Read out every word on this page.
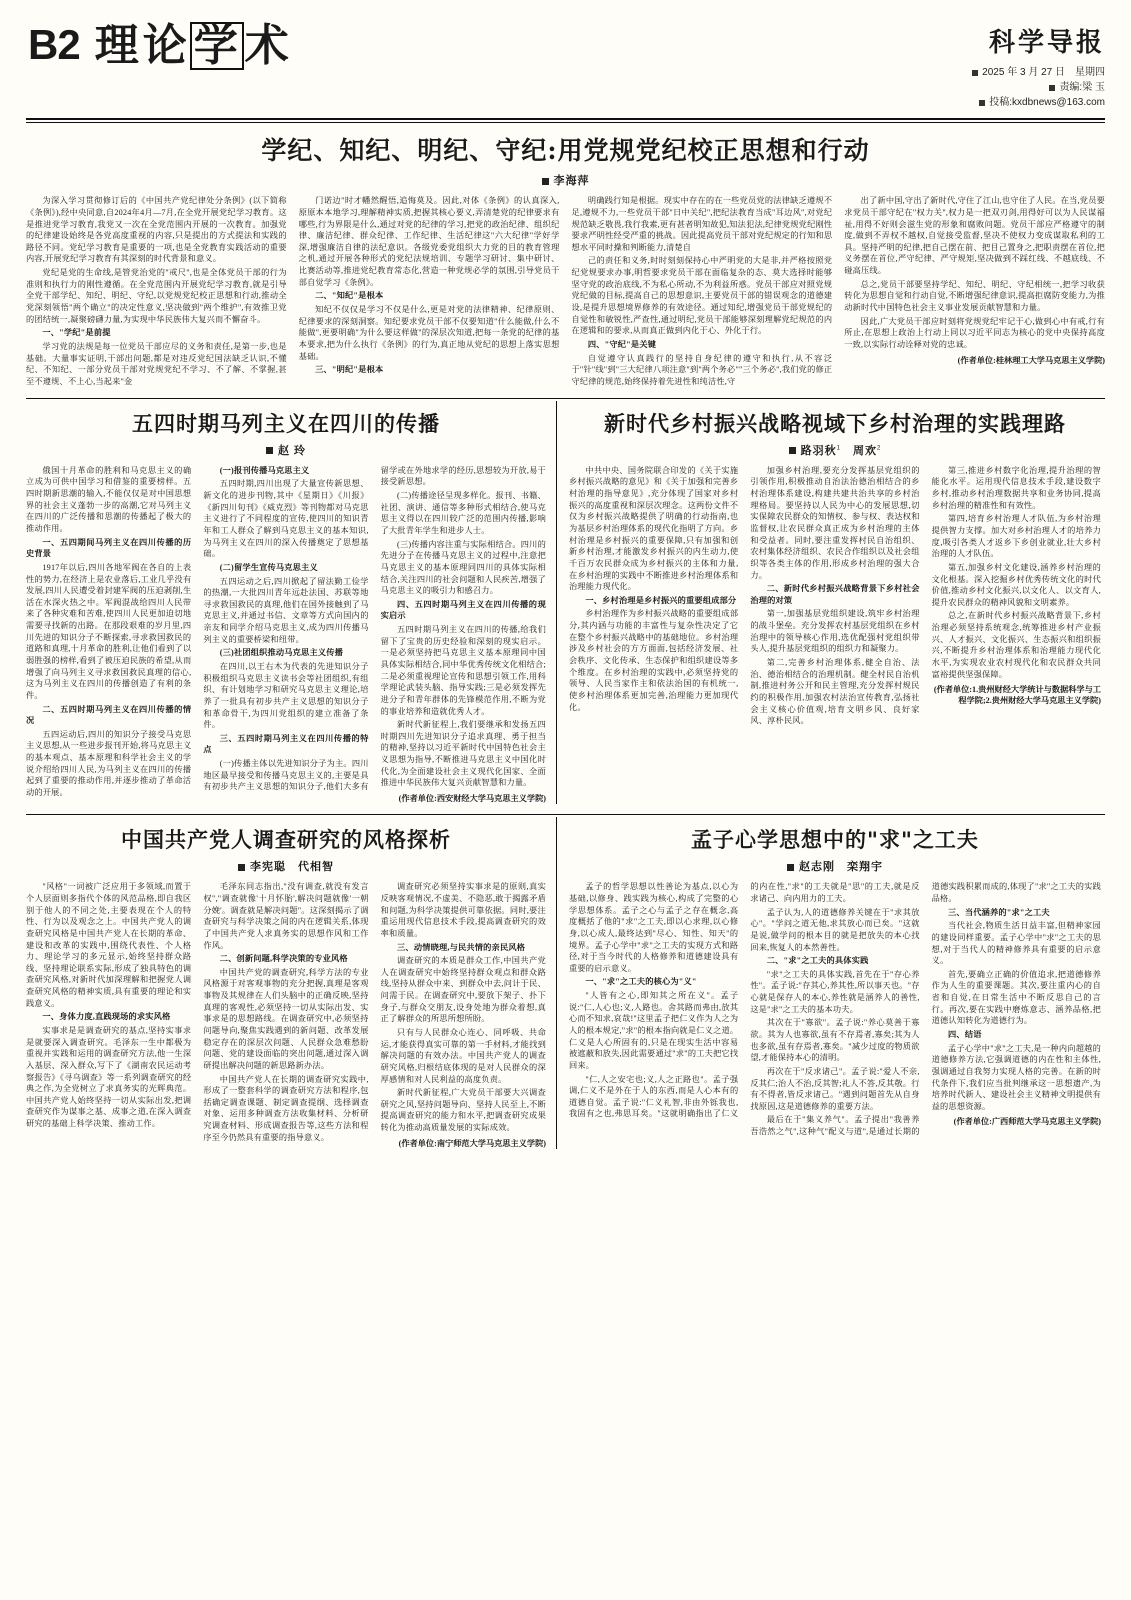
B2 理 论 学 术	科学导报
2025 年 3 月 27 日　星期四
责编:梁 玉
投稿:kxdbnews@163.com
学纪、知纪、明纪、守纪:用党规党纪校正思想和行动
李海萍

为深入学习贯彻修订后的《中国共产党纪律处分条例》(以下简称《条例》),经中央同意,自2024年4月—7月,在全党开展党纪学习教育。这是推进党学习教育,我党又一次在全党范围内开展的一次教育。加强党的纪律建设始终是各党高度重视的内容,只是提出的方式提法和实践的路径不同。党纪学习教育是重要的一项,也是全党教育实践活动的重要内容,开展党纪学习教育有其深刻的时代背景和意义。

党纪是党的生命线,是管党治党的"戒尺",也是全体党员干部的行为准则和执行力的刚性遵循。在全党范围内开展党纪学习教育,就是引导全党干部学纪、知纪、明纪、守纪,以党规党纪校正思想和行动,推动全党深刻领悟"两个确立"的决定性意义,坚决做到"两个维护",有效推卫党的团结统一,凝聚磅礴力量,为实现中华民族伟大复兴而不懈奋斗。

一、"学纪"是前提

学习党的法规是每一位党员干部应尽的义务和责任,是第一步,也是基础。大量事实证明,干部出问题,都是对违反党纪国法缺乏认识,不懂纪、不知纪、一部分党员干部对党规党纪不学习、不了解、不掌握,甚至不遵规、不上心,当起来"金

门诺边"时才幡然醒悟,追悔莫及。因此,对体《条例》的认真深入,原原本本地学习,理解精神实质,把握其核心要义,弄清楚党的纪律要求有哪些,行为界限是什么,通过对党的纪律的学习,把党的政治纪律、组织纪律、廉洁纪律、群众纪律、工作纪律、生活纪律这"六大纪律"学好学深,增强廉洁自律的法纪意识。各级党委党组织大力党的目的教育管理之机,通过开展各种形式的党纪法规培训、专题学习研讨、集中研讨、比赛活动等,推进党纪教育常态化,营造一种党规必学的氛围,引导党员干部自觉学习《条例》。

二、"知纪"是根本

知纪不仅仅是学习不仅是什么,更是对党的法律精神、纪律原则、纪律要求的深刻洞察。知纪要求党员干部不仅要知道"什么能做,什么不能做",更要明确"为什么要这样做"的深层次知道,把每一条党的纪律的基本要求,把为什么执行《条例》的行为,真正地从党纪的思想上落实思想基础。

三、"明纪"是根本

明确践行知是根据。现实中存在的在一些党员党的法律缺乏遵规不足,遵规不力,一些党员干部"日中关纪",把纪法教育当成"耳边风",对党纪规范缺乏敬畏,我行我素,更有甚者明知故犯,知法犯法,纪律党规党纪刚性要求严明性经受严重的挑战。因此提高党员干部对党纪规定的行知和思想水平同时操和判断能力,清楚自

己的责任和义务,时时刻刻保持心中严明党的大是非,并严格按照党纪党规要求办事,明哲要求党员干部在面临复杂的态、莫大选择时能够坚守党的政治底线,不为私心所动,不为利益所惑。党员干部应对照党规党纪做的目标,提高自己的思想意识,主要党员干部的错误观念的道德建设,是提升思想境界修养的有效途径。通过知纪,增强党员干部党规纪的自觉性和敏锐性,严查性,通过明纪,党员干部能够深刻理解党纪规范的内在逻辑和的要求,从而真正做到内化于心、外化于行。

四、"守纪"是关键

自觉遵守认真践行的坚持自身纪律的遵守和执行,从不容泛于"针"线"到"三大纪律八项注意"到"两个务必""三个务必",我们党的修正守纪律的规范,始终保持着先进性和纯洁性,守

出了新中国,守出了新时代,守住了江山,也守住了人民。在当,党员要求党员干部守纪在"权力关",权力是一把双刃剑,用得好可以为人民谋福祉,用得不好则会滋生党的形象和腐败问题。党员干部应严格遵守的制度,做到不弄权不越权,自觉接受监督,坚决不使权力变成谋取私利的工具。坚持严明的纪律,把自己摆在前、把目己置身之,把职责摆在首位,把义务摆在首位,严守纪律、严守规矩,坚决做到不踩红线、不越底线、不碰高压线。

总之,党员干部要坚持学纪、知纪、明纪、守纪相统一,把学习收获转化为思想自觉和行动自觉,不断增强纪律意识,提高拒腐防变能力,为推动新时代中国特色社会主义事业发展贡献智慧和力量。

因此,广大党员干部应时刻将党规党纪牢记于心,做到心中有戒,行有所止,在思想上政治上行动上同以习近平同志为核心的党中央保持高度一致,以实际行动诠释对党的忠诚。

(作者单位:桂林理工大学马克思主义学院)
五四时期马列主义在四川的传播
赵 玲

俄国十月革命的胜利和马克思主义的确立成为可供中国学习和借鉴的重要榜样。五四时期新思潮的输入,不能仅仅是对中国思想界的社会主义蓬勃一步的高潮,它对马列主义在四川的广泛传播和思潮的传播起了极大的推动作用。

一、五四期间马列主义在四川传播的历史背景

1917年以后,四川各地军阀在各自的上表性的势力,在经济上是农业落后,工业几乎没有发展,四川人民遭受着封建军阀的压迫剥削,生活在水深火热之中。军阀混战给四川人民带来了各种灾难和苦难,使四川人民更加迫切地需要寻找新的出路。在那段艰难的岁月里,四川先进的知识分子不断探索,寻求救国救民的道路和真理,十月革命的胜利,让他们看到了以弱胜强的榜样,看到了被压迫民族的希望,从而增强了向马列主义寻求救国救民真理的信心,这为马列主义在四川的传播创造了有利的条件。

二、五四时期马列主义在四川传播的情况

五四运动后,四川的知识分子接受马克思主义思想,从一些进步报刊开始,将马克思主义的基本观点、基本原理和科学社会主义的学说介绍给四川人民,为马列主义在四川的传播起到了重要的推动作用,并逐步推动了革命活动的开展。

(一)报刊传播马克思主义

五四时期,四川出现了大量宣传新思想、新文化的进步刊物,其中《星期日》《川报》《新四川旬刊》《威克烈》等刊物都对马克思主义进行了不同程度的宣传,使四川的知识青年和工人群众了解到马克思主义的基本知识,为马列主义在四川的深入传播奠定了思想基础。

(二)留学生宣传马克思主义

五四运动之后,四川掀起了留法勤工俭学的热潮,一大批四川青年远赴法国、苏联等地寻求救国救民的真理,他们在国外接触到了马克思主义,并通过书信、文章等方式向国内的亲友和同学介绍马克思主义,成为四川传播马列主义的重要桥梁和纽带。

(三)社团组织推动马克思主义传播

在四川,以王右木为代表的先进知识分子积极组织马克思主义读书会等社团组织,有组织、有计划地学习和研究马克思主义理论,培养了一批具有初步共产主义思想的知识分子和革命骨干,为四川党组织的建立准备了条件。

三、五四时期马列主义在四川传播的特点

(一)传播主体以先进知识分子为主。四川地区最早接受和传播马克思主义的,主要是具有初步共产主义思想的知识分子,他们大多有留学或在外地求学的经历,思想较为开放,易于接受新思想。

(二)传播途径呈现多样化。报刊、书籍、社团、演讲、通信等多种形式相结合,使马克思主义得以在四川较广泛的范围内传播,影响了大批青年学生和进步人士。

(三)传播内容注重与实际相结合。四川的先进分子在传播马克思主义的过程中,注意把马克思主义的基本原理同四川的具体实际相结合,关注四川的社会问题和人民疾苦,增强了马克思主义的吸引力和感召力。

四、五四时期马列主义在四川传播的现实启示

五四时期马列主义在四川的传播,给我们留下了宝贵的历史经验和深刻的现实启示。一是必须坚持把马克思主义基本原理同中国具体实际相结合,同中华优秀传统文化相结合;二是必须重视理论宣传和思想引领工作,用科学理论武装头脑、指导实践;三是必须发挥先进分子和青年群体的先锋模范作用,不断为党的事业培养和造就优秀人才。

新时代新征程上,我们要继承和发扬五四时期四川先进知识分子追求真理、勇于担当的精神,坚持以习近平新时代中国特色社会主义思想为指导,不断推进马克思主义中国化时代化,为全面建设社会主义现代化国家、全面推进中华民族伟大复兴贡献智慧和力量。

(作者单位:西安财经大学马克思主义学院)
新时代乡村振兴战略视域下乡村治理的实践理路
路羽秋$^1$　 周欢$^2$

中共中央、国务院联合印发的《关于实施乡村振兴战略的意见》和《关于加强和完善乡村治理的指导意见》,充分体现了国家对乡村振兴的高度重视和深层次理念。这两份文件不仅为乡村振兴战略提供了明确的行动指南,也为基层乡村治理体系的现代化指明了方向。乡村治理是乡村振兴的重要保障,只有加强和创新乡村治理,才能激发乡村振兴的内生动力,使千百万农民群众成为乡村振兴的主体和力量,在乡村治理的实践中不断推进乡村治理体系和治理能力现代化。

一、乡村治理是乡村振兴的重要组成部分

乡村治理作为乡村振兴战略的重要组成部分,其内涵与功能的丰富性与复杂性决定了它在整个乡村振兴战略中的基础地位。乡村治理涉及乡村社会的方方面面,包括经济发展、社会秩序、文化传承、生态保护和组织建设等多个维度。在乡村治理的实践中,必须坚持党的领导、人民当家作主和依法治国的有机统一,使乡村治理体系更加完善,治理能力更加现代化。

加强乡村治理,要充分发挥基层党组织的引领作用,积极推动自治法治德治相结合的乡村治理体系建设,构建共建共治共享的乡村治理格局。要坚持以人民为中心的发展思想,切实保障农民群众的知情权、参与权、表达权和监督权,让农民群众真正成为乡村治理的主体和受益者。同时,要注重发挥村民自治组织、农村集体经济组织、农民合作组织以及社会组织等各类主体的作用,形成乡村治理的强大合力。

二、新时代乡村振兴战略背景下乡村社会治理的对策

第一,加强基层党组织建设,筑牢乡村治理的战斗堡垒。充分发挥农村基层党组织在乡村治理中的领导核心作用,选优配强村党组织带头人,提升基层党组织的组织力和凝聚力。

第二,完善乡村治理体系,健全自治、法治、德治相结合的治理机制。健全村民自治机制,推进村务公开和民主管理,充分发挥村规民约的积极作用,加强农村法治宣传教育,弘扬社会主义核心价值观,培育文明乡风、良好家风、淳朴民风。

第三,推进乡村数字化治理,提升治理的智能化水平。运用现代信息技术手段,建设数字乡村,推动乡村治理数据共享和业务协同,提高乡村治理的精准性和有效性。

第四,培育乡村治理人才队伍,为乡村治理提供智力支撑。加大对乡村治理人才的培养力度,吸引各类人才返乡下乡创业就业,壮大乡村治理的人才队伍。

第五,加强乡村文化建设,涵养乡村治理的文化根基。深入挖掘乡村优秀传统文化的时代价值,推动乡村文化振兴,以文化人、以文育人,提升农民群众的精神风貌和文明素养。

总之,在新时代乡村振兴战略背景下,乡村治理必须坚持系统观念,统筹推进乡村产业振兴、人才振兴、文化振兴、生态振兴和组织振兴,不断提升乡村治理体系和治理能力现代化水平,为实现农业农村现代化和农民群众共同富裕提供坚强保障。

(作者单位:1.贵州财经大学统计与数据科学与工程学院;2.贵州财经大学马克思主义学院)
中国共产党人调查研究的风格探析
李宪聪　代相智

"风格"一词被广泛应用于多领域,而置于个人层面则多指代个体的风范品格,即自我区别于他人的不同之处,主要表现在个人的特性、行为以及观念之上。中国共产党人的调查研究风格是中国共产党人在长期的革命、建设和改革的实践中,围绕代表性、个人格力、理论学习的多元显示,始终坚持群众路线、坚持理论联系实际,形成了独具特色的调查研究风格,对新时代加深理解和把握党人调查研究风格的精神实质,具有重要的理论和实践意义。

一、身体力度,直践现场的求实风格

实事求是是调查研究的基点,坚持实事求是就要深入调查研究。毛泽东一生中都极为重视并实践和运用的调查研究方法,他一生深入基层、深入群众,写下了《湖南农民运动考察报告》《寻乌调查》等一系列调查研究的经典之作,为全党树立了求真务实的光辉典范。中国共产党人始终坚持一切从实际出发,把调查研究作为谋事之基、成事之道,在深入调查研究的基础上科学决策、推动工作。

毛泽东同志指出,"没有调查,就没有发言权","调查就像'十月怀胎',解决问题就像'一朝分娩'。调查就是解决问题"。这深刻揭示了调查研究与科学决策之间的内在逻辑关系,体现了中国共产党人求真务实的思想作风和工作作风。

二、创新问题,科学决策的专业风格

中国共产党的调查研究,科学方法的专业风格源于对客观事物的充分把握,真理是客观事物及其规律在人们头脑中的正确反映,坚持真理的客观性,必须坚持一切从实际出发、实事求是的思想路线。在调查研究中,必须坚持问题导向,聚焦实践遇到的新问题、改革发展稳定存在的深层次问题、人民群众急难愁盼问题、党的建设面临的突出问题,通过深入调研提出解决问题的新思路新办法。

中国共产党人在长期的调查研究实践中,形成了一整套科学的调查研究方法和程序,包括确定调查课题、制定调查提纲、选择调查对象、运用多种调查方法收集材料、分析研究调查材料、形成调查报告等,这些方法和程序至今仍然具有重要的指导意义。

调查研究必须坚持实事求是的原则,真实反映客观情况,不虚美、不隐恶,敢于揭露矛盾和问题,为科学决策提供可靠依据。同时,要注重运用现代信息技术手段,提高调查研究的效率和质量。

三、动情晓理,与民共情的亲民风格

调查研究的本质是群众工作,中国共产党人在调查研究中始终坚持群众观点和群众路线,坚持从群众中来、到群众中去,问计于民、问需于民。在调查研究中,要放下架子、扑下身子,与群众交朋友,设身处地为群众着想,真正了解群众的所思所想所盼。

只有与人民群众心连心、同呼吸、共命运,才能获得真实可靠的第一手材料,才能找到解决问题的有效办法。中国共产党人的调查研究风格,归根结底体现的是对人民群众的深厚感情和对人民利益的高度负责。

新时代新征程,广大党员干部要大兴调查研究之风,坚持问题导向、坚持人民至上,不断提高调查研究的能力和水平,把调查研究成果转化为推动高质量发展的实际成效。

(作者单位:南宁师范大学马克思主义学院)
孟子心学思想中的"求"之工夫
赵志刚　栾翔宇

孟子的哲学思想以性善论为基点,以心为基础,以修身、践实践为核心,构成了完整的心学思想体系。孟子之心与孟子之存在概念,高度概括了他的"求"之工夫,即以心求理,以心修身,以心成人,最终达到"尽心、知性、知天"的境界。孟子心学中"求"之工夫的实现方式和路径,对于当今时代的人格修养和道德建设具有重要的启示意义。

一、"求"之工夫的核心为"义"

"人皆有之心,即知其之所在义"。孟子说:"仁,人心也;义,人路也。舍其路而弗由,放其心而不知求,哀哉!"这里孟子把仁义作为人之为人的根本规定,"求"的根本指向就是仁义之道。仁义是人心所固有的,只是在现实生活中容易被遮蔽和放失,因此需要通过"求"的工夫把它找回来。

"仁,人之安宅也;义,人之正路也"。孟子强调,仁义不是外在于人的东西,而是人心本有的道德自觉。孟子说:"仁义礼智,非由外铄我也,我固有之也,弗思耳矣。"这就明确指出了仁义的内在性,"求"的工夫就是"思"的工夫,就是反求诸己、向内用力的工夫。

孟子认为,人的道德修养关键在于"求其放心"。"学问之道无他,求其放心而已矣。"这就是说,做学问的根本目的就是把放失的本心找回来,恢复人的本然善性。

二、"求"之工夫的具体实践

"求"之工夫的具体实践,首先在于"存心养性"。孟子说:"存其心,养其性,所以事天也。"存心就是保存人的本心,养性就是涵养人的善性,这是"求"之工夫的基本功夫。

其次在于"寡欲"。孟子说:"养心莫善于寡欲。其为人也寡欲,虽有不存焉者,寡矣;其为人也多欲,虽有存焉者,寡矣。"减少过度的物质欲望,才能保持本心的清明。

再次在于"反求诸己"。孟子说:"爱人不亲,反其仁;治人不治,反其智;礼人不答,反其敬。行有不得者,皆反求诸己。"遇到问题首先从自身找原因,这是道德修养的重要方法。

最后在于"集义养气"。孟子提出"我善养吾浩然之气",这种气"配义与道",是通过长期的道德实践积累而成的,体现了"求"之工夫的实践品格。

三、当代涵养的"求"之工夫

当代社会,物质生活日益丰富,但精神家园的建设同样重要。孟子心学中"求"之工夫的思想,对于当代人的精神修养具有重要的启示意义。

首先,要确立正确的价值追求,把道德修养作为人生的重要课题。其次,要注重内心的自省和自觉,在日常生活中不断反思自己的言行。再次,要在实践中磨炼意志、涵养品格,把道德认知转化为道德行为。

四、结语

孟子心学中"求"之工夫,是一种内向超越的道德修养方法,它强调道德的内在性和主体性,强调通过自我努力实现人格的完善。在新的时代条件下,我们应当批判继承这一思想遗产,为培养时代新人、建设社会主义精神文明提供有益的思想资源。

(作者单位:广西师范大学马克思主义学院)
